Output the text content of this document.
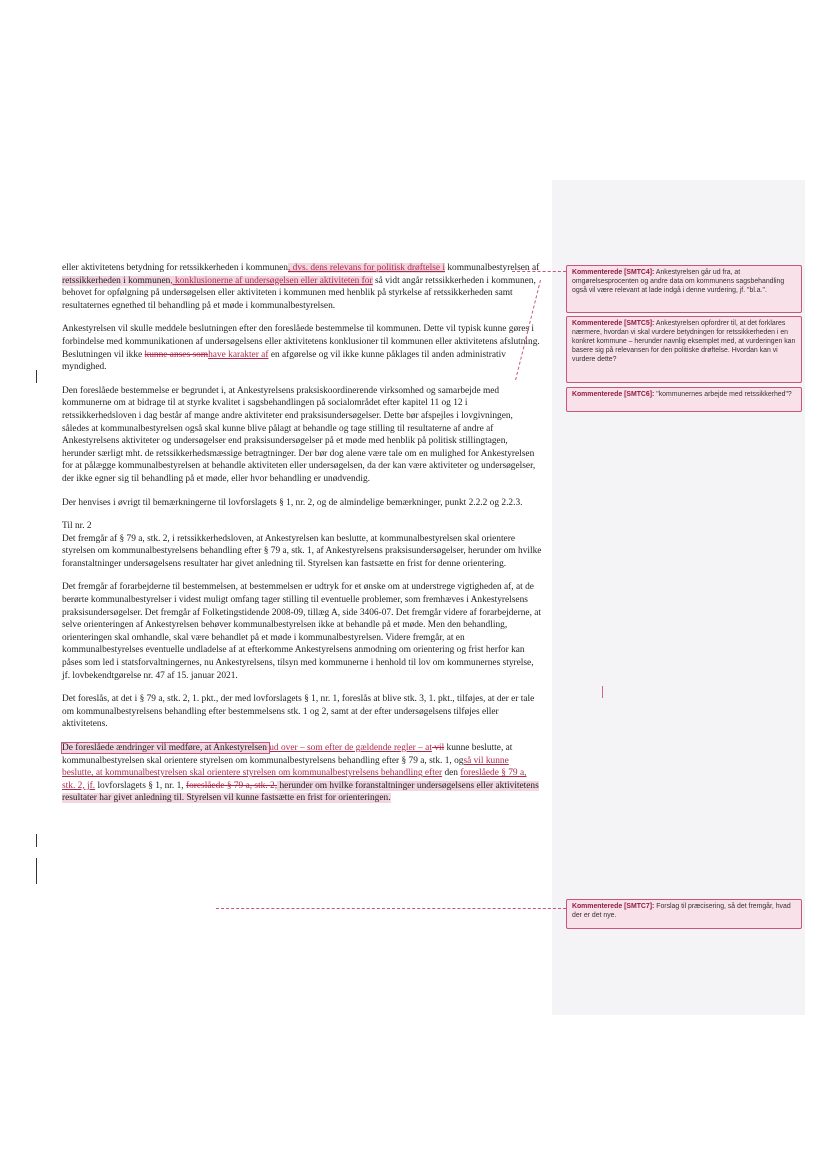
eller aktivitetens betydning for retssikkerheden i kommunen, dvs. dens relevans for politisk drøftelse i kommunalbestyrelsen af retssikkerheden i kommunen, konklusionerne af undersøgelsen eller aktiviteten for så vidt angår retssikkerheden i kommunen, behovet for opfølgning på undersøgelsen eller aktiviteten i kommunen med henblik på styrkelse af retssikkerheden samt resultaternes egnethed til behandling på et møde i kommunalbestyrelsen.

Ankestyrelsen vil skulle meddele beslutningen efter den foreslåede bestemmelse til kommunen. Dette vil typisk kunne gøres i forbindelse med kommunikationen af undersøgelsens eller aktivitetens konklusioner til kommunen eller aktivitetens afslutning. Beslutningen vil ikke kunne anses somhave karakter af en afgørelse og vil ikke kunne påklages til anden administrativ myndighed.

Den foreslåede bestemmelse er begrundet i, at Ankestyrelsens praksiskoordinerende virksomhed og samarbejde med kommunerne om at bidrage til at styrke kvalitet i sagsbehandlingen på socialområdet efter kapitel 11 og 12 i retssikkerhedsloven i dag består af mange andre aktiviteter end praksisundersøgelser. Dette bør afspejles i lovgivningen, således at kommunalbestyrelsen også skal kunne blive pålagt at behandle og tage stilling til resultaterne af andre af Ankestyrelsens aktiviteter og undersøgelser end praksisundersøgelser på et møde med henblik på politisk stillingtagen, herunder særligt mht. de retssikkerhedsmæssige betragtninger. Der bør dog alene være tale om en mulighed for Ankestyrelsen for at pålægge kommunalbestyrelsen at behandle aktiviteten eller undersøgelsen, da der kan være aktiviteter og undersøgelser, der ikke egner sig til behandling på et møde, eller hvor behandling er unødvendig.

Der henvises i øvrigt til bemærkningerne til lovforslagets § 1, nr. 2, og de almindelige bemærkninger, punkt 2.2.2 og 2.2.3.

Til nr. 2

Det fremgår af § 79 a, stk. 2, i retssikkerhedsloven, at Ankestyrelsen kan beslutte, at kommunalbestyrelsen skal orientere styrelsen om kommunalbestyrelsens behandling efter § 79 a, stk. 1, af Ankestyrelsens praksisundersøgelser, herunder om hvilke foranstaltninger undersøgelsens resultater har givet anledning til. Styrelsen kan fastsætte en frist for denne orientering.

Det fremgår af forarbejderne til bestemmelsen, at bestemmelsen er udtryk for et ønske om at understrege vigtigheden af, at de berørte kommunalbestyrelser i videst muligt omfang tager stilling til eventuelle problemer, som fremhæves i Ankestyrelsens praksisundersøgelser. Det fremgår af Folketingstidende 2008-09, tillæg A, side 3406-07. Det fremgår videre af forarbejderne, at selve orienteringen af Ankestyrelsen behøver kommunalbestyrelsen ikke at behandle på et møde. Men den behandling, orienteringen skal omhandle, skal være behandlet på et møde i kommunalbestyrelsen. Videre fremgår, at en kommunalbestyrelses eventuelle undladelse af at efterkomme Ankestyrelsens anmodning om orientering og frist herfor kan påses som led i statsforvaltningernes, nu Ankestyrelsens, tilsyn med kommunerne i henhold til lov om kommunernes styrelse, jf. lovbekendtgørelse nr. 47 af 15. januar 2021.

Det foreslås, at det i § 79 a, stk. 2, 1. pkt., der med lovforslagets § 1, nr. 1, foreslås at blive stk. 3, 1. pkt., tilføjes, at der er tale om kommunalbestyrelsens behandling efter bestemmelsens stk. 1 og 2, samt at der efter undersøgelsens tilføjes eller aktivitetens.

De foreslåede ændringer vil medføre, at Ankestyrelsen ud over – som efter de gældende regler – at vil kunne beslutte, at kommunalbestyrelsen skal orientere styrelsen om kommunalbestyrelsens behandling efter § 79 a, stk. 1, også vil kunne beslutte, at kommunalbestyrelsen skal orientere styrelsen om kommunalbestyrelsens behandling efter den foreslåede § 79 a, stk. 2, jf. lovforslagets § 1, nr. 1, foreslåede § 79 a, stk. 2, herunder om hvilke foranstaltninger undersøgelsens eller aktivitetens resultater har givet anledning til. Styrelsen vil kunne fastsætte en frist for orienteringen.

Kommenterede [SMTC4]: Ankestyrelsen går ud fra, at omgørelsesprocenten og andre data om kommunens sagsbehandling også vil være relevant at lade indgå i denne vurdering, jf. "bl.a.".
Kommenterede [SMTC5]: Ankestyrelsen opfordrer til, at det forklares nærmere, hvordan vi skal vurdere betydningen for retssikkerheden i en konkret kommune – herunder navnlig eksemplet med, at vurderingen kan basere sig på relevansen for den politiske drøftelse. Hvordan kan vi vurdere dette?
Kommenterede [SMTC6]: "kommunernes arbejde med retssikkerhed"?
Kommenterede [SMTC7]: Forslag til præcisering, så det fremgår, hvad der er det nye.
